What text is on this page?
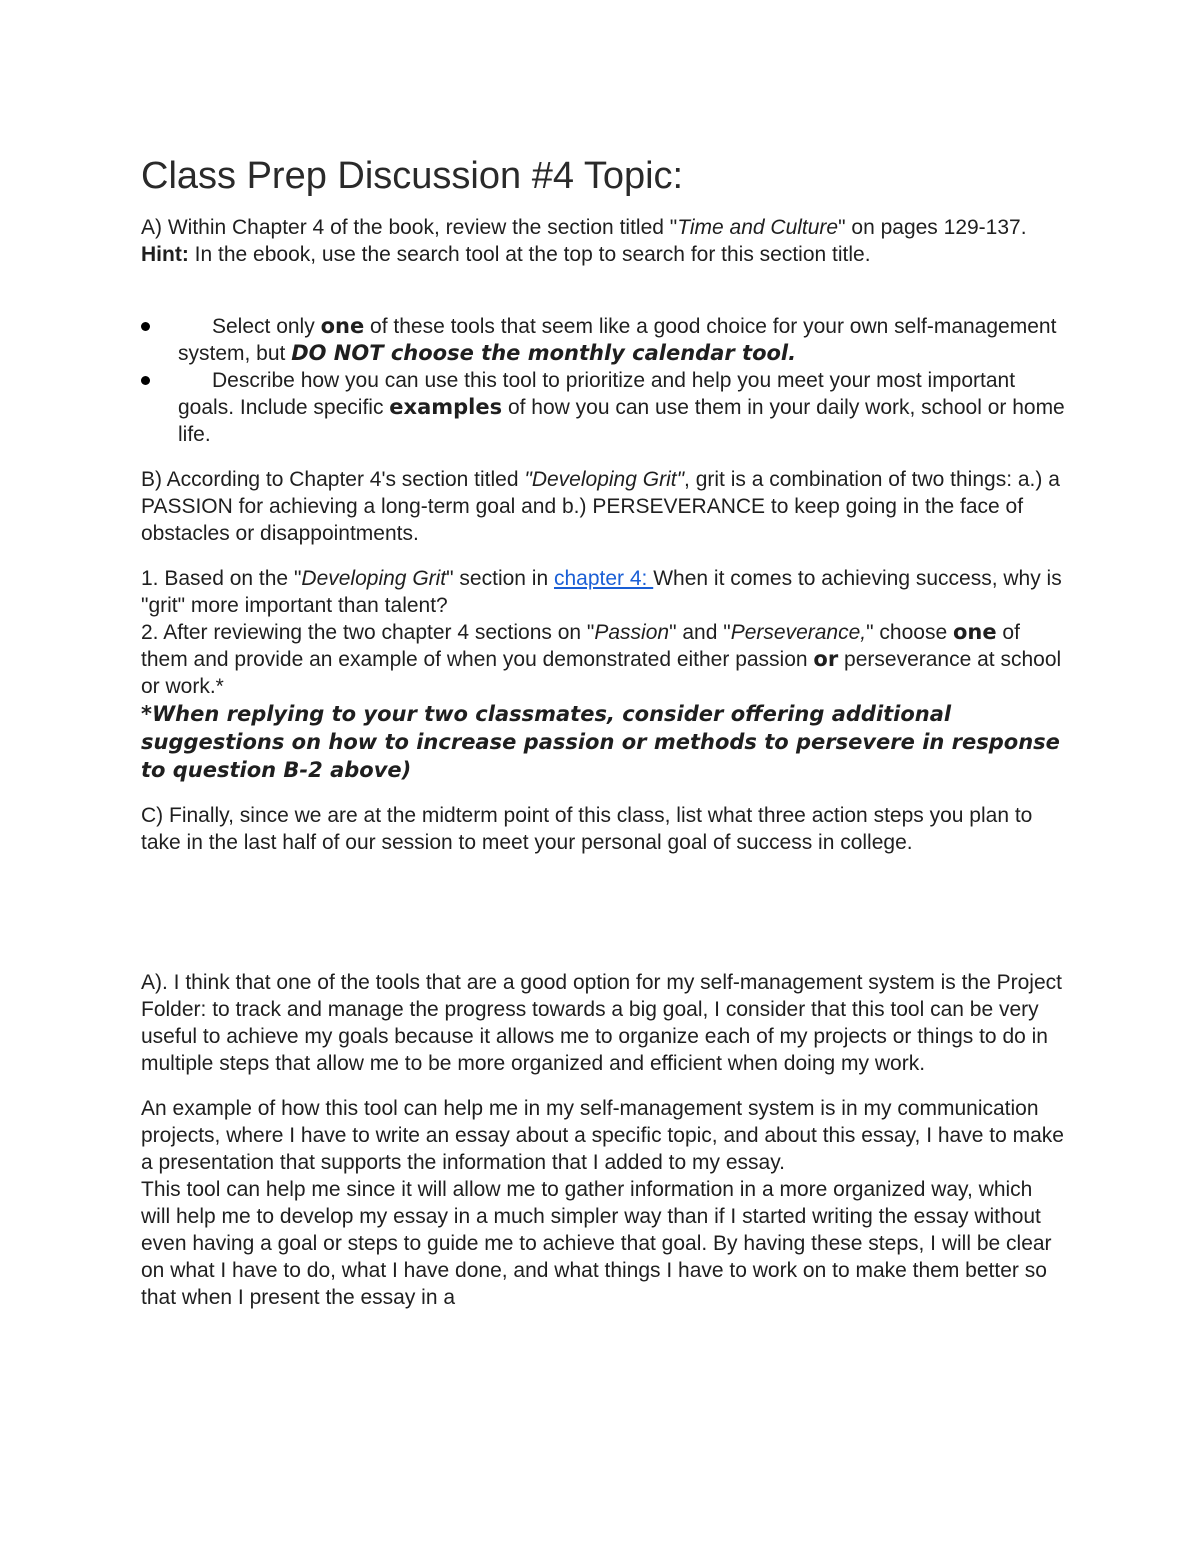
Class Prep Discussion #4 Topic:

A) Within Chapter 4 of the book, review the section titled "Time and Culture" on pages 129-137. Hint: In the ebook, use the search tool at the top to search for this section title.

Select only one of these tools that seem like a good choice for your own self-management system, but DO NOT choose the monthly calendar tool.
Describe how you can use this tool to prioritize and help you meet your most important goals. Include specific examples of how you can use them in your daily work, school or home life.

B) According to Chapter 4's section titled "Developing Grit", grit is a combination of two things: a.) a PASSION for achieving a long-term goal and b.) PERSEVERANCE to keep going in the face of obstacles or disappointments.

1. Based on the "Developing Grit" section in chapter 4: When it comes to achieving success, why is "grit" more important than talent?

2. After reviewing the two chapter 4 sections on "Passion" and "Perseverance," choose one of them and provide an example of when you demonstrated either passion or perseverance at school or work.*

*When replying to your two classmates, consider offering additional suggestions on how to increase passion or methods to persevere in response to question B-2 above)

C) Finally, since we are at the midterm point of this class, list what three action steps you plan to take in the last half of our session to meet your personal goal of success in college.

A). I think that one of the tools that are a good option for my self-management system is the Project Folder: to track and manage the progress towards a big goal, I consider that this tool can be very useful to achieve my goals because it allows me to organize each of my projects or things to do in multiple steps that allow me to be more organized and efficient when doing my work.

An example of how this tool can help me in my self-management system is in my communication projects, where I have to write an essay about a specific topic, and about this essay, I have to make a presentation that supports the information that I added to my essay.

This tool can help me since it will allow me to gather information in a more organized way, which will help me to develop my essay in a much simpler way than if I started writing the essay without even having a goal or steps to guide me to achieve that goal. By having these steps, I will be clear on what I have to do, what I have done, and what things I have to work on to make them better so that when I present the essay in a
